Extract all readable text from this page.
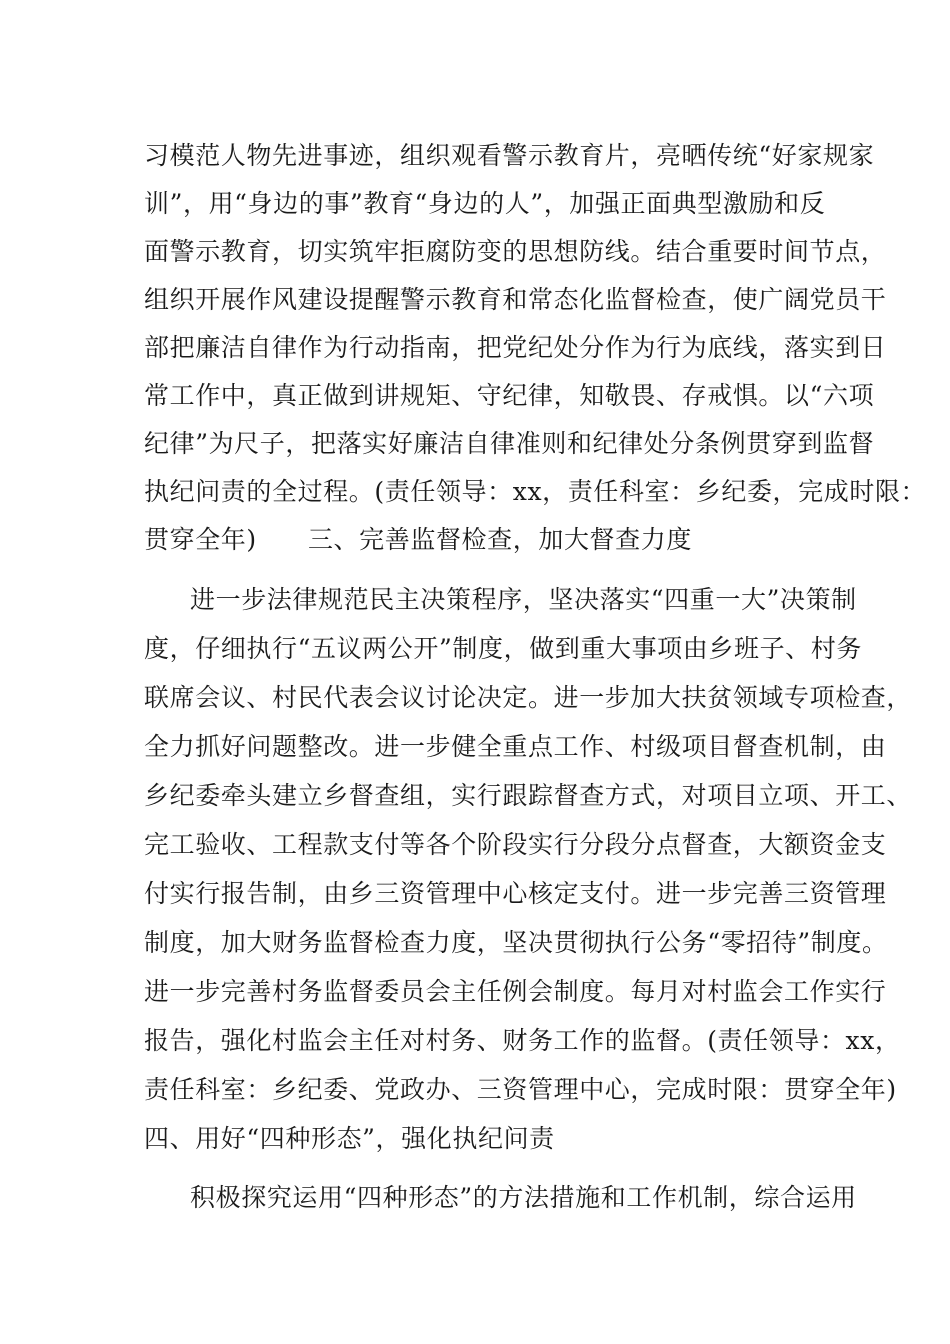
习模范人物先进事迹，组织观看警示教育片，亮晒传统“好家规家
训”，用“身边的事”教育“身边的人”，加强正面典型激励和反
面警示教育，切实筑牢拒腐防变的思想防线。结合重要时间节点，
组织开展作风建设提醒警示教育和常态化监督检查，使广阔党员干
部把廉洁自律作为行动指南，把党纪处分作为行为底线，落实到日
常工作中，真正做到讲规矩、守纪律，知敬畏、存戒惧。以“六项
纪律”为尺子，把落实好廉洁自律准则和纪律处分条例贯穿到监督
执纪问责的全过程。(责任领导：xx，责任科室：乡纪委，完成时限：
贯穿全年)　　三、完善监督检查，加大督查力度
进一步法律规范民主决策程序，坚决落实“四重一大”决策制
度，仔细执行“五议两公开”制度，做到重大事项由乡班子、村务
联席会议、村民代表会议讨论决定。进一步加大扶贫领域专项检查，
全力抓好问题整改。进一步健全重点工作、村级项目督查机制，由
乡纪委牵头建立乡督查组，实行跟踪督查方式，对项目立项、开工、
完工验收、工程款支付等各个阶段实行分段分点督查，大额资金支
付实行报告制，由乡三资管理中心核定支付。进一步完善三资管理
制度，加大财务监督检查力度，坚决贯彻执行公务“零招待”制度。
进一步完善村务监督委员会主任例会制度。每月对村监会工作实行
报告，强化村监会主任对村务、财务工作的监督。(责任领导：xx，
责任科室：乡纪委、党政办、三资管理中心，完成时限：贯穿全年)
四、用好“四种形态”，强化执纪问责
积极探究运用“四种形态”的方法措施和工作机制，综合运用
